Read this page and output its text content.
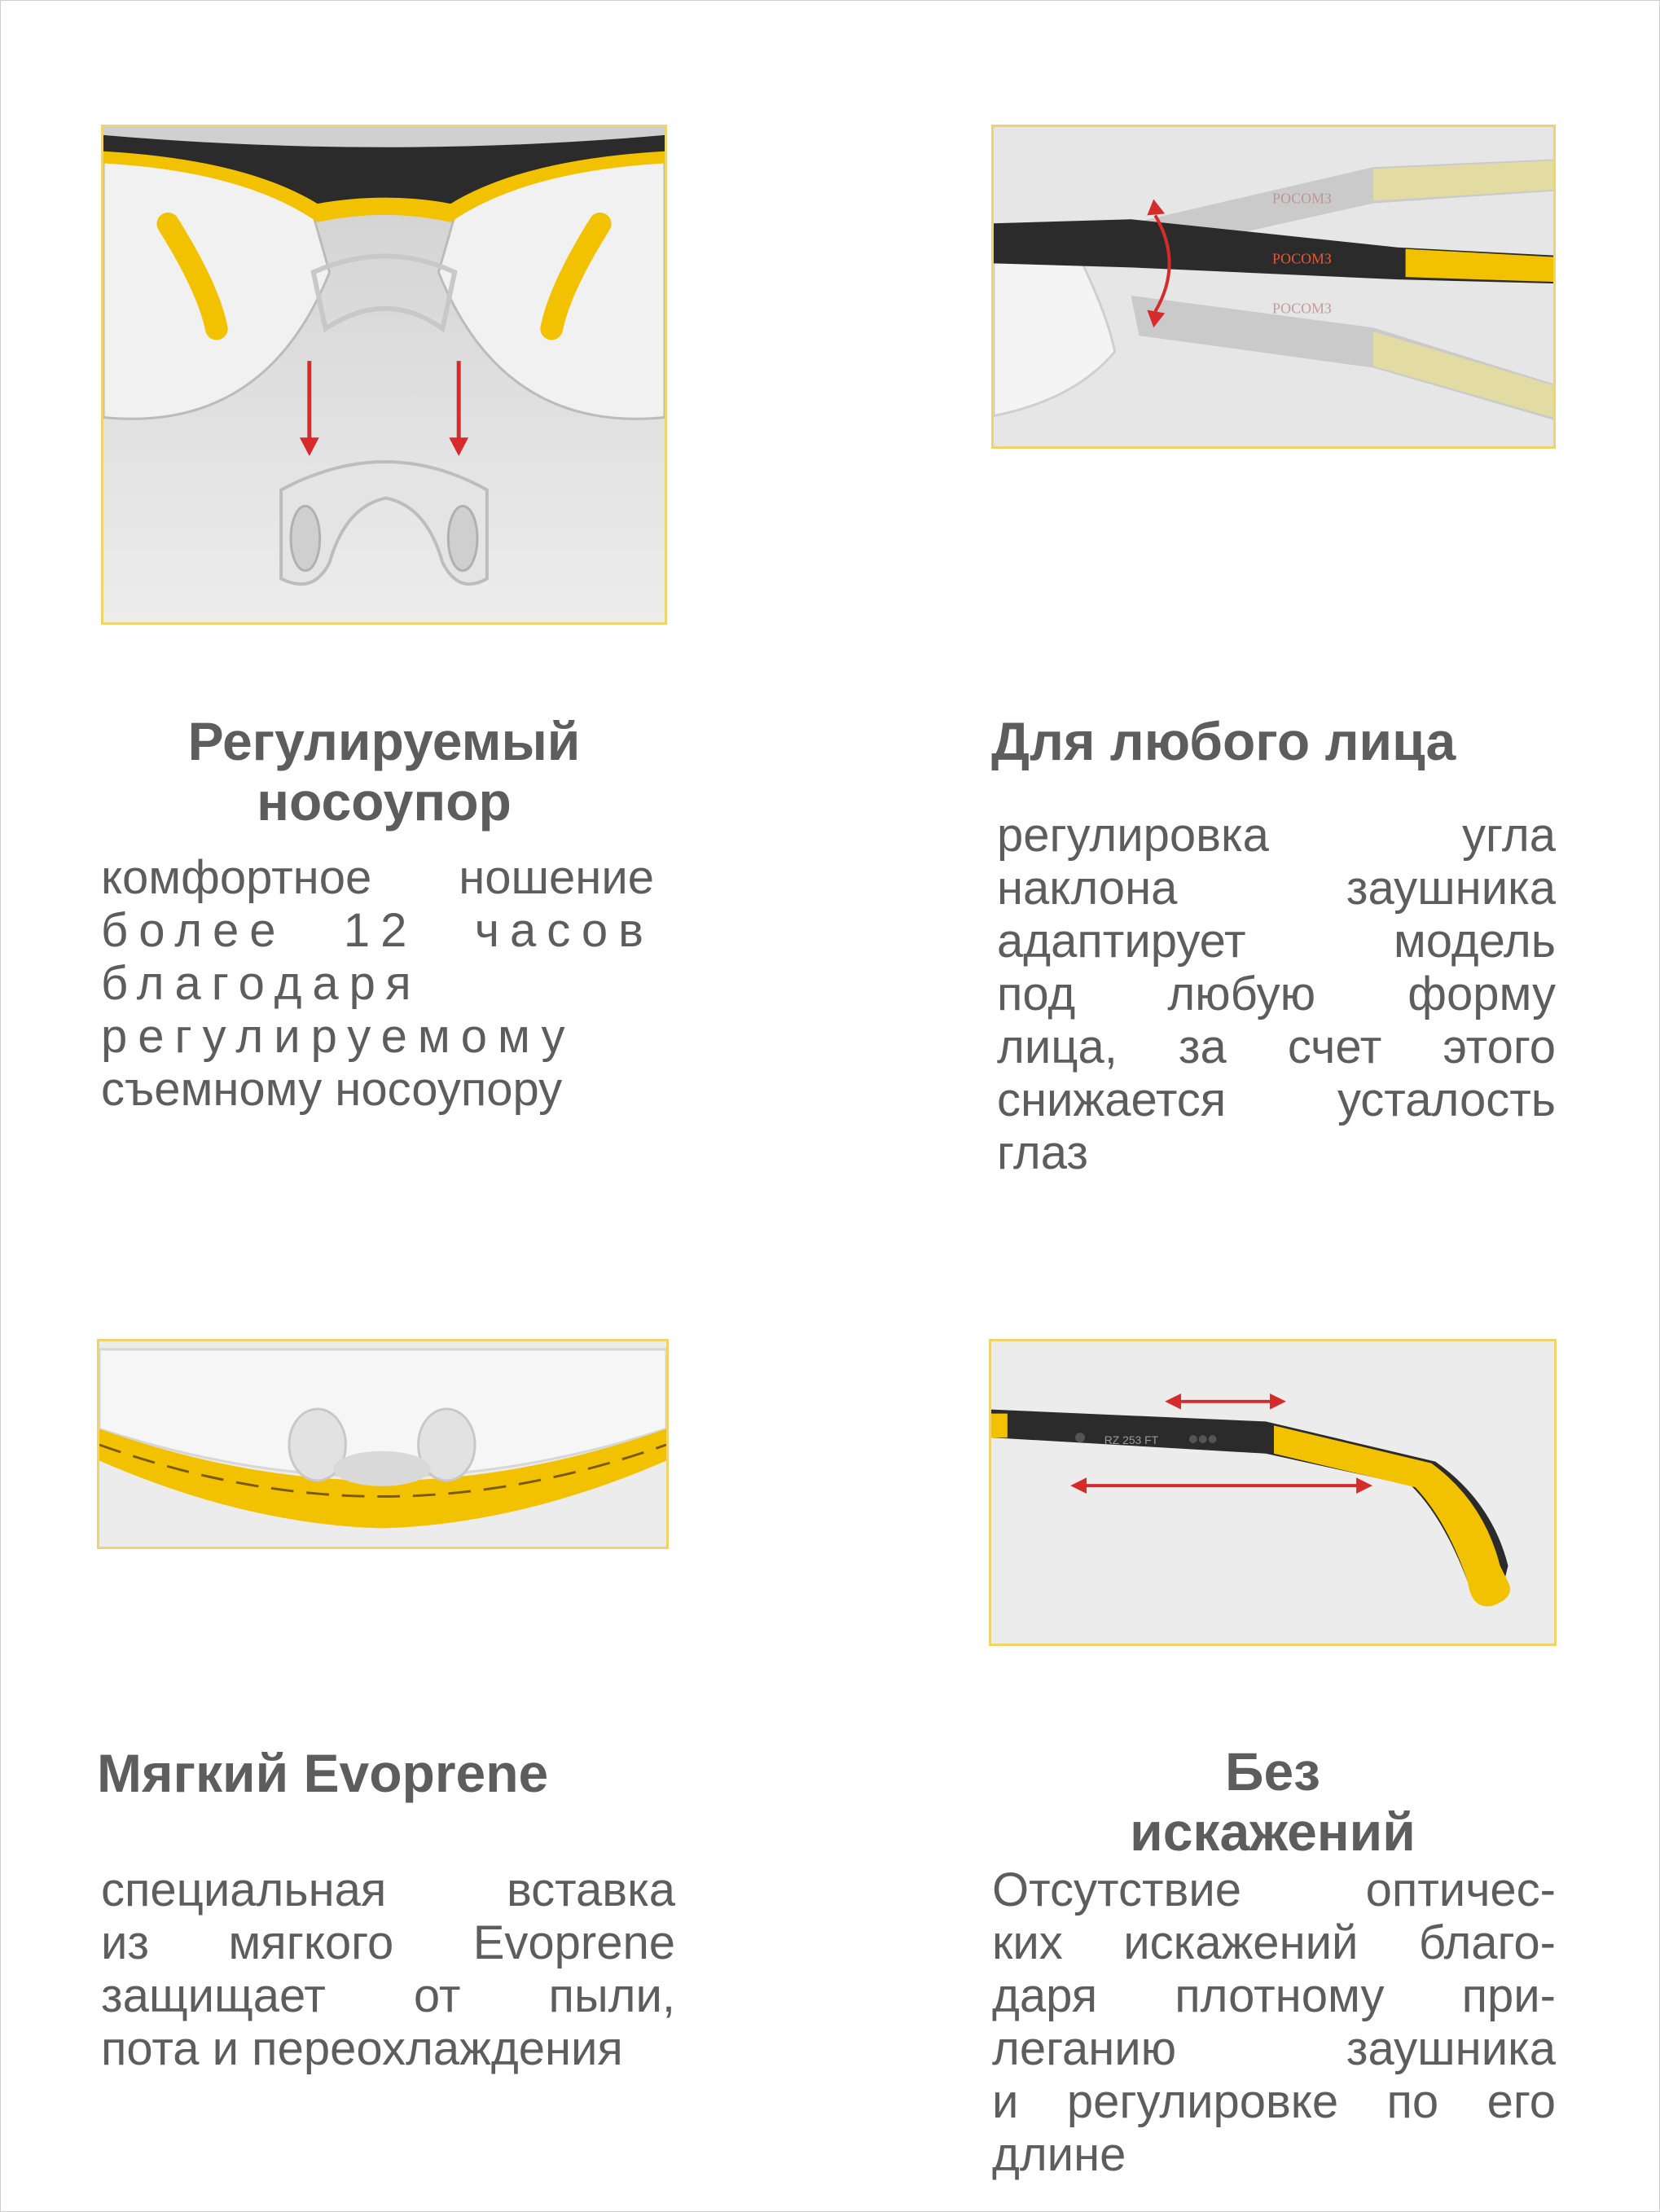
РОСОМЗ
РОСОМЗ
РОСОМЗ
RZ 253 FT
Регулируемый
носоупор
комфортное ношение
более 12 часов
благодаря
регулируемому
съемному носоупору
Для любого лица
регулировка угла
наклона заушника
адаптирует модель
под любую форму
лица, за счет этого
снижается усталость
глаз
Мягкий Evoprene
специальная вставка
из мягкого Evoprene
защищает от пыли,
пота и переохлаждения
Без
искажений
Отсутствие оптичес-
ких искажений благо-
даря плотному при-
леганию заушника
и регулировке по его
длине
